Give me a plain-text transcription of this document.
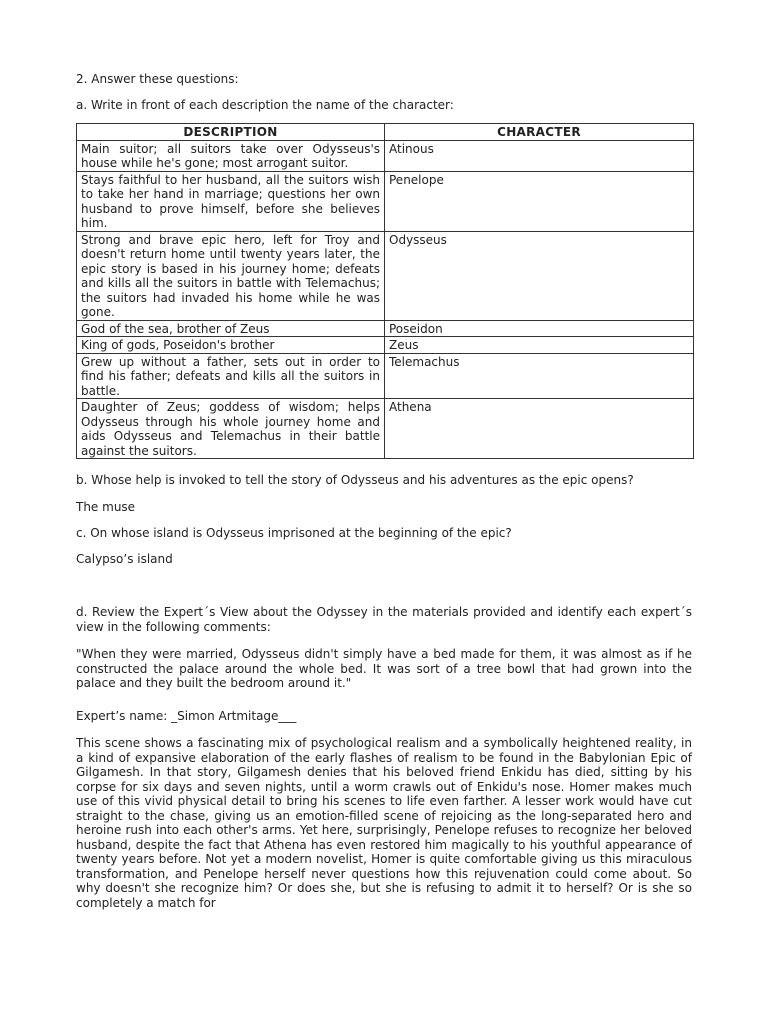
2. Answer these questions:

a. Write in front of each description the name of the character:

DESCRIPTION	CHARACTER
Main suitor; all suitors take over Odysseus's house while he's gone; most arrogant suitor.	Atinous
Stays faithful to her husband, all the suitors wish to take her hand in marriage; questions her own husband to prove himself, before she believes him.	Penelope
Strong and brave epic hero, left for Troy and doesn't return home until twenty years later, the epic story is based in his journey home; defeats and kills all the suitors in battle with Telemachus; the suitors had invaded his home while he was gone.	Odysseus
God of the sea, brother of Zeus	Poseidon
King of gods, Poseidon's brother	Zeus
Grew up without a father, sets out in order to find his father; defeats and kills all the suitors in battle.	Telemachus
Daughter of Zeus; goddess of wisdom; helps Odysseus through his whole journey home and aids Odysseus and Telemachus in their battle against the suitors.	Athena

b. Whose help is invoked to tell the story of Odysseus and his adventures as the epic opens?

The muse

c. On whose island is Odysseus imprisoned at the beginning of the epic?

Calypso’s island

d. Review the Expert´s View about the Odyssey in the materials provided and identify each expert´s view in the following comments:

"When they were married, Odysseus didn't simply have a bed made for them, it was almost as if he constructed the palace around the whole bed. It was sort of a tree bowl that had grown into the palace and they built the bedroom around it."

Expert’s name: _Simon Artmitage___

This scene shows a fascinating mix of psychological realism and a symbolically heightened reality, in a kind of expansive elaboration of the early flashes of realism to be found in the Babylonian Epic of Gilgamesh. In that story, Gilgamesh denies that his beloved friend Enkidu has died, sitting by his corpse for six days and seven nights, until a worm crawls out of Enkidu's nose. Homer makes much use of this vivid physical detail to bring his scenes to life even farther. A lesser work would have cut straight to the chase, giving us an emotion-filled scene of rejoicing as the long-separated hero and heroine rush into each other's arms. Yet here, surprisingly, Penelope refuses to recognize her beloved husband, despite the fact that Athena has even restored him magically to his youthful appearance of twenty years before. Not yet a modern novelist, Homer is quite comfortable giving us this miraculous transformation, and Penelope herself never questions how this rejuvenation could come about. So why doesn't she recognize him? Or does she, but she is refusing to admit it to herself? Or is she so completely a match for
